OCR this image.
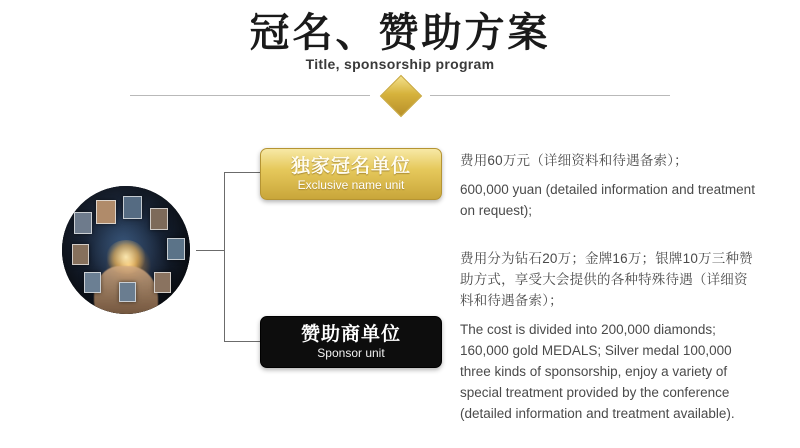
冠名、赞助方案
Title, sponsorship program
独家冠名单位
Exclusive name unit
赞助商单位
Sponsor unit

费用60万元（详细资料和待遇备索）；

600,000 yuan (detailed information and treatment on request);

费用分为钻石20万；金牌16万；银牌10万三种赞助方式，享受大会提供的各种特殊待遇（详细资料和待遇备索）；

The cost is divided into 200,000 diamonds; 160,000 gold MEDALS; Silver medal 100,000 three kinds of sponsorship, enjoy a variety of special treatment provided by the conference (detailed information and treatment available).
